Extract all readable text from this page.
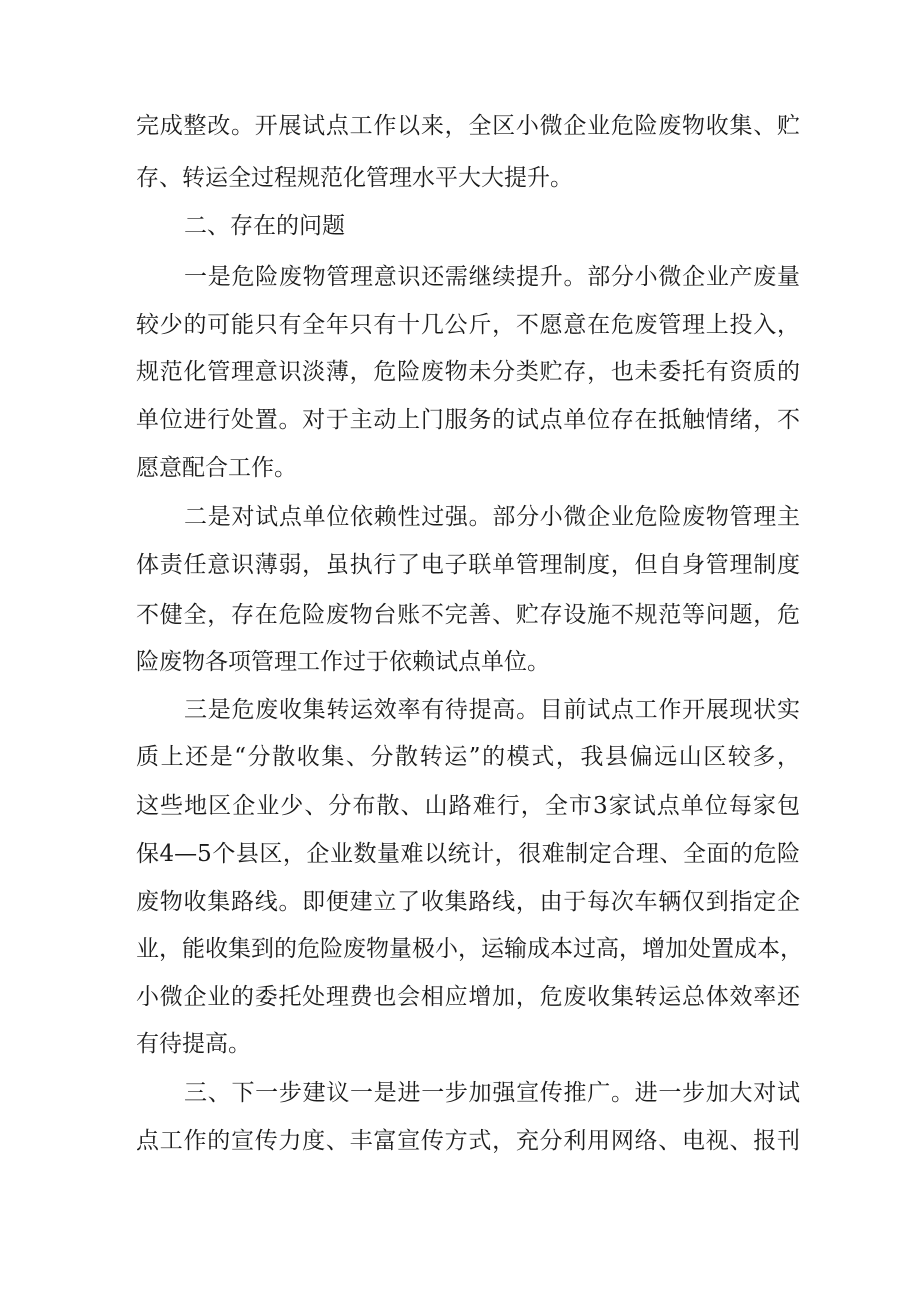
完成整改。开展试点工作以来，全区小微企业危险废物收集、贮
存、转运全过程规范化管理水平大大提升。
二、存在的问题
一是危险废物管理意识还需继续提升。部分小微企业产废量
较少的可能只有全年只有十几公斤，不愿意在危废管理上投入，
规范化管理意识淡薄，危险废物未分类贮存，也未委托有资质的
单位进行处置。对于主动上门服务的试点单位存在抵触情绪，不
愿意配合工作。
二是对试点单位依赖性过强。部分小微企业危险废物管理主
体责任意识薄弱，虽执行了电子联单管理制度，但自身管理制度
不健全，存在危险废物台账不完善、贮存设施不规范等问题，危
险废物各项管理工作过于依赖试点单位。
三是危废收集转运效率有待提高。目前试点工作开展现状实
质上还是“分散收集、分散转运”的模式，我县偏远山区较多，
这些地区企业少、分布散、山路难行，全市3家试点单位每家包
保4—5个县区，企业数量难以统计，很难制定合理、全面的危险
废物收集路线。即便建立了收集路线，由于每次车辆仅到指定企
业，能收集到的危险废物量极小，运输成本过高，增加处置成本，
小微企业的委托处理费也会相应增加，危废收集转运总体效率还
有待提高。
三、下一步建议一是进一步加强宣传推广。进一步加大对试
点工作的宣传力度、丰富宣传方式，充分利用网络、电视、报刊
